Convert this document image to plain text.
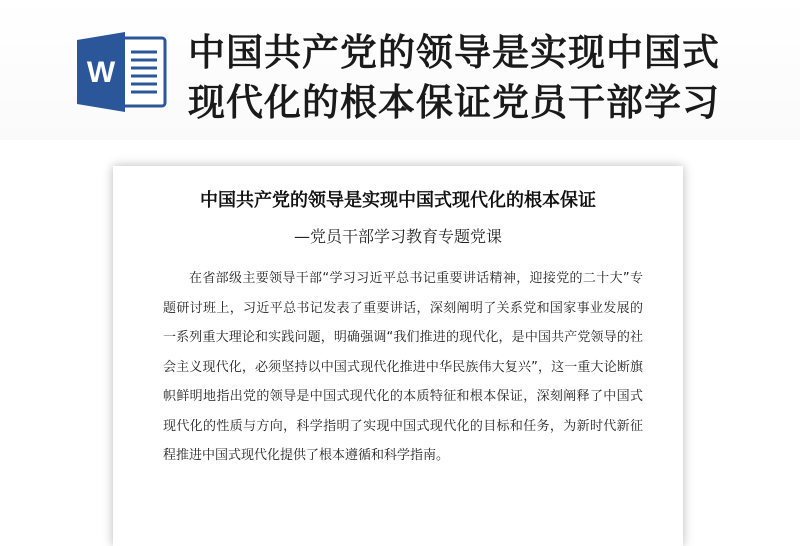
W 中国共产党的领导是实现中国式
现代化的根本保证党员干部学习
中国共产党的领导是实现中国式现代化的根本保证
—党员干部学习教育专题党课
在省部级主要领导干部“学习习近平总书记重要讲话精神，迎接党的二十大”专题研讨班上，习近平总书记发表了重要讲话，深刻阐明了关系党和国家事业发展的一系列重大理论和实践问题，明确强调“我们推进的现代化，是中国共产党领导的社会主义现代化，必须坚持以中国式现代化推进中华民族伟大复兴”，这一重大论断旗帜鲜明地指出党的领导是中国式现代化的本质特征和根本保证，深刻阐释了中国式现代化的性质与方向，科学指明了实现中国式现代化的目标和任务，为新时代新征程推进中国式现代化提供了根本遵循和科学指南。
